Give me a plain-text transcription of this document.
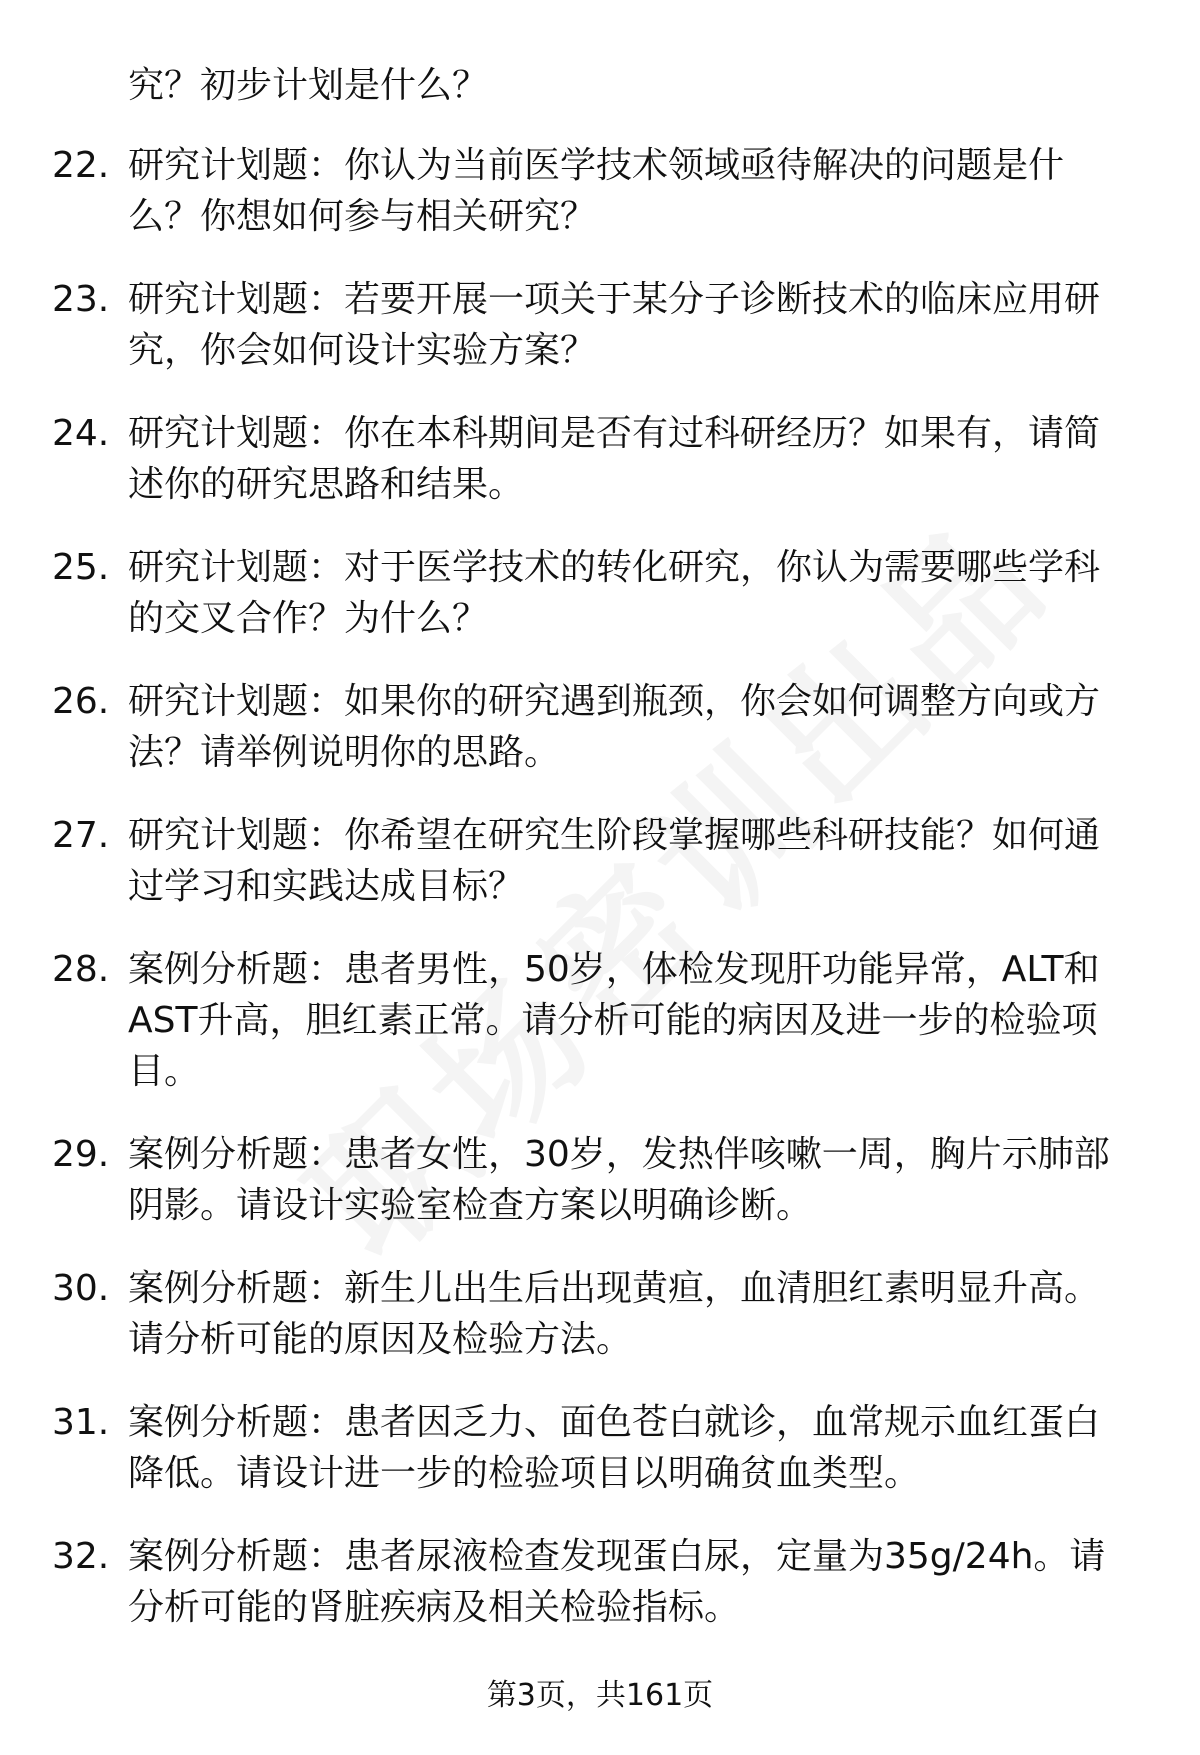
究？初步计划是什么？
22. 研究计划题：你认为当前医学技术领域亟待解决的问题是什么？你想如何参与相关研究？
23. 研究计划题：若要开展一项关于某分子诊断技术的临床应用研究，你会如何设计实验方案？
24. 研究计划题：你在本科期间是否有过科研经历？如果有，请简述你的研究思路和结果。
25. 研究计划题：对于医学技术的转化研究，你认为需要哪些学科的交叉合作？为什么？
26. 研究计划题：如果你的研究遇到瓶颈，你会如何调整方向或方法？请举例说明你的思路。
27. 研究计划题：你希望在研究生阶段掌握哪些科研技能？如何通过学习和实践达成目标？
28. 案例分析题：患者男性，50岁，体检发现肝功能异常，ALT和AST升高，胆红素正常。请分析可能的病因及进一步的检验项目。
29. 案例分析题：患者女性，30岁，发热伴咳嗽一周，胸片示肺部阴影。请设计实验室检查方案以明确诊断。
30. 案例分析题：新生儿出生后出现黄疸，血清胆红素明显升高。请分析可能的原因及检验方法。
31. 案例分析题：患者因乏力、面色苍白就诊，血常规示血红蛋白降低。请设计进一步的检验项目以明确贫血类型。
32. 案例分析题：患者尿液检查发现蛋白尿，定量为35g/24h。请分析可能的肾脏疾病及相关检验指标。
第3页，共161页
